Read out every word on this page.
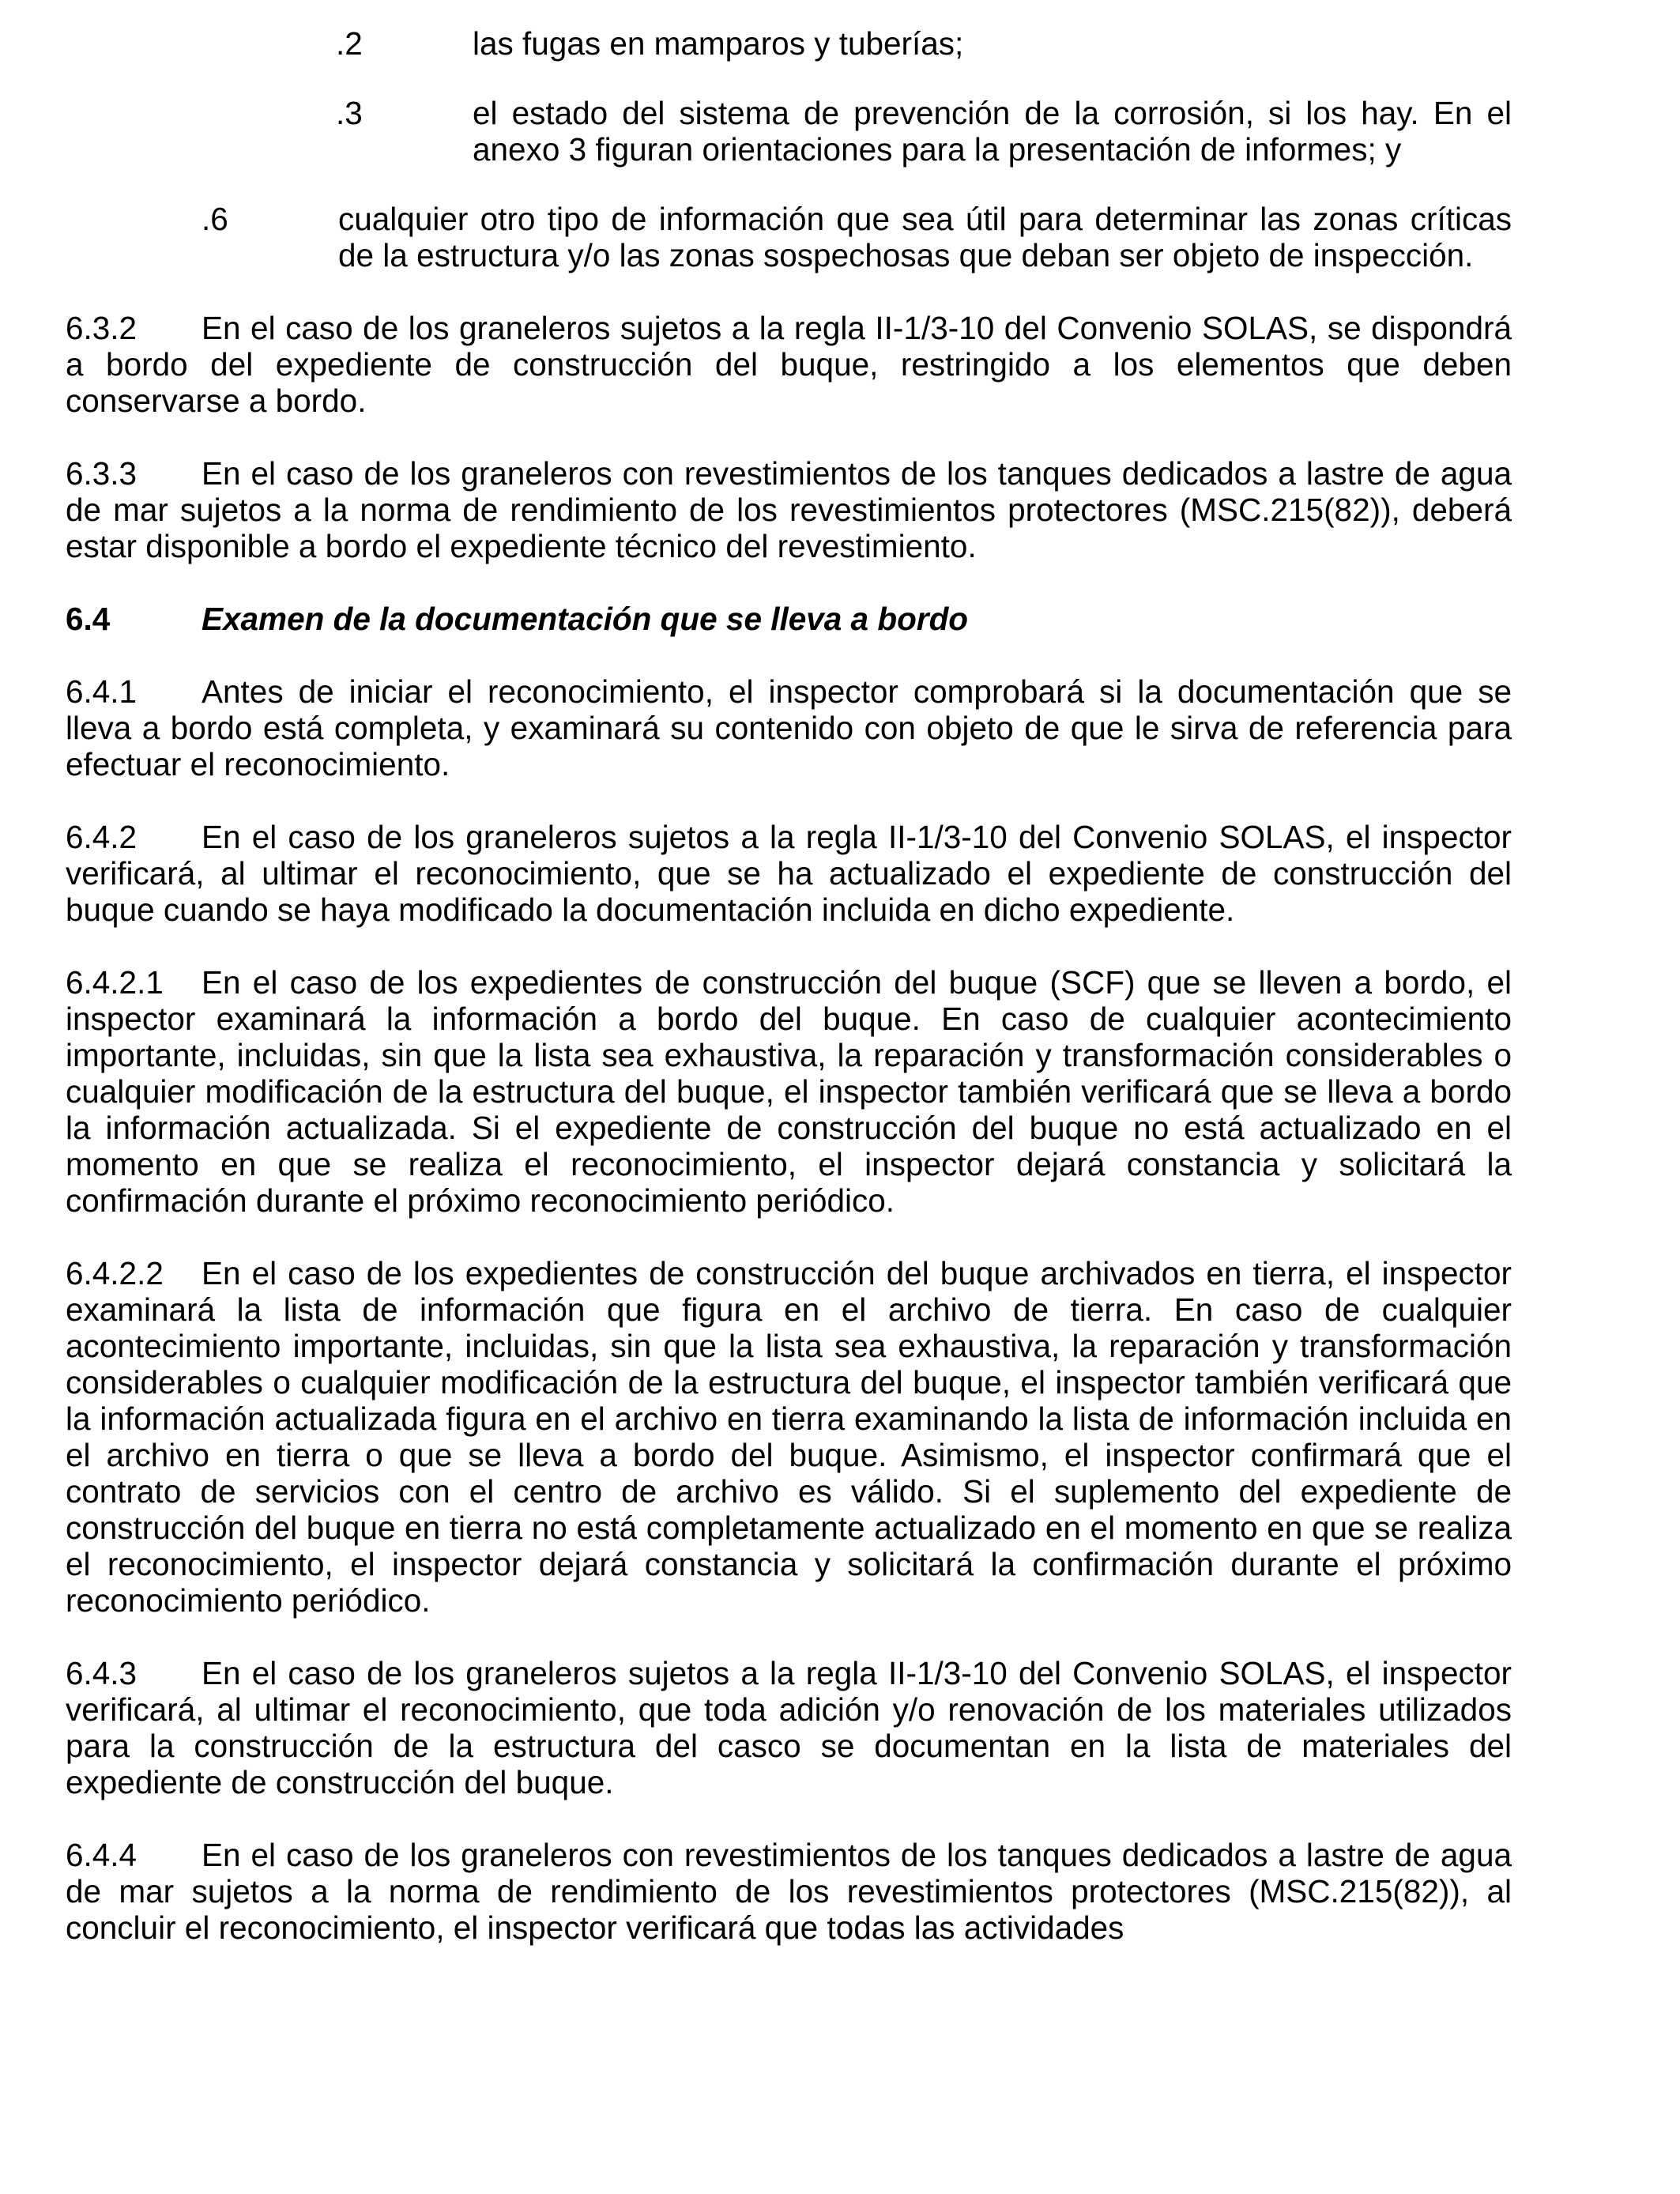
.2	las fugas en mamparos y tuberías;
.3	el estado del sistema de prevención de la corrosión, si los hay. En el anexo 3 figuran orientaciones para la presentación de informes; y
.6	cualquier otro tipo de información que sea útil para determinar las zonas críticas de la estructura y/o las zonas sospechosas que deban ser objeto de inspección.

6.3.2 En el caso de los graneleros sujetos a la regla II-1/3-10 del Convenio SOLAS, se dispondrá a bordo del expediente de construcción del buque, restringido a los elementos que deben conservarse a bordo.

6.3.3 En el caso de los graneleros con revestimientos de los tanques dedicados a lastre de agua de mar sujetos a la norma de rendimiento de los revestimientos protectores (MSC.215(82)), deberá estar disponible a bordo el expediente técnico del revestimiento.

6.4	Examen de la documentación que se lleva a bordo

6.4.1 Antes de iniciar el reconocimiento, el inspector comprobará si la documentación que se lleva a bordo está completa, y examinará su contenido con objeto de que le sirva de referencia para efectuar el reconocimiento.

6.4.2 En el caso de los graneleros sujetos a la regla II-1/3-10 del Convenio SOLAS, el inspector verificará, al ultimar el reconocimiento, que se ha actualizado el expediente de construcción del buque cuando se haya modificado la documentación incluida en dicho expediente.

6.4.2.1 En el caso de los expedientes de construcción del buque (SCF) que se lleven a bordo, el inspector examinará la información a bordo del buque. En caso de cualquier acontecimiento importante, incluidas, sin que la lista sea exhaustiva, la reparación y transformación considerables o cualquier modificación de la estructura del buque, el inspector también verificará que se lleva a bordo la información actualizada. Si el expediente de construcción del buque no está actualizado en el momento en que se realiza el reconocimiento, el inspector dejará constancia y solicitará la confirmación durante el próximo reconocimiento periódico.

6.4.2.2 En el caso de los expedientes de construcción del buque archivados en tierra, el inspector examinará la lista de información que figura en el archivo de tierra. En caso de cualquier acontecimiento importante, incluidas, sin que la lista sea exhaustiva, la reparación y transformación considerables o cualquier modificación de la estructura del buque, el inspector también verificará que la información actualizada figura en el archivo en tierra examinando la lista de información incluida en el archivo en tierra o que se lleva a bordo del buque. Asimismo, el inspector confirmará que el contrato de servicios con el centro de archivo es válido. Si el suplemento del expediente de construcción del buque en tierra no está completamente actualizado en el momento en que se realiza el reconocimiento, el inspector dejará constancia y solicitará la confirmación durante el próximo reconocimiento periódico.

6.4.3 En el caso de los graneleros sujetos a la regla II-1/3-10 del Convenio SOLAS, el inspector verificará, al ultimar el reconocimiento, que toda adición y/o renovación de los materiales utilizados para la construcción de la estructura del casco se documentan en la lista de materiales del expediente de construcción del buque.

6.4.4 En el caso de los graneleros con revestimientos de los tanques dedicados a lastre de agua de mar sujetos a la norma de rendimiento de los revestimientos protectores (MSC.215(82)), al concluir el reconocimiento, el inspector verificará que todas las actividades
